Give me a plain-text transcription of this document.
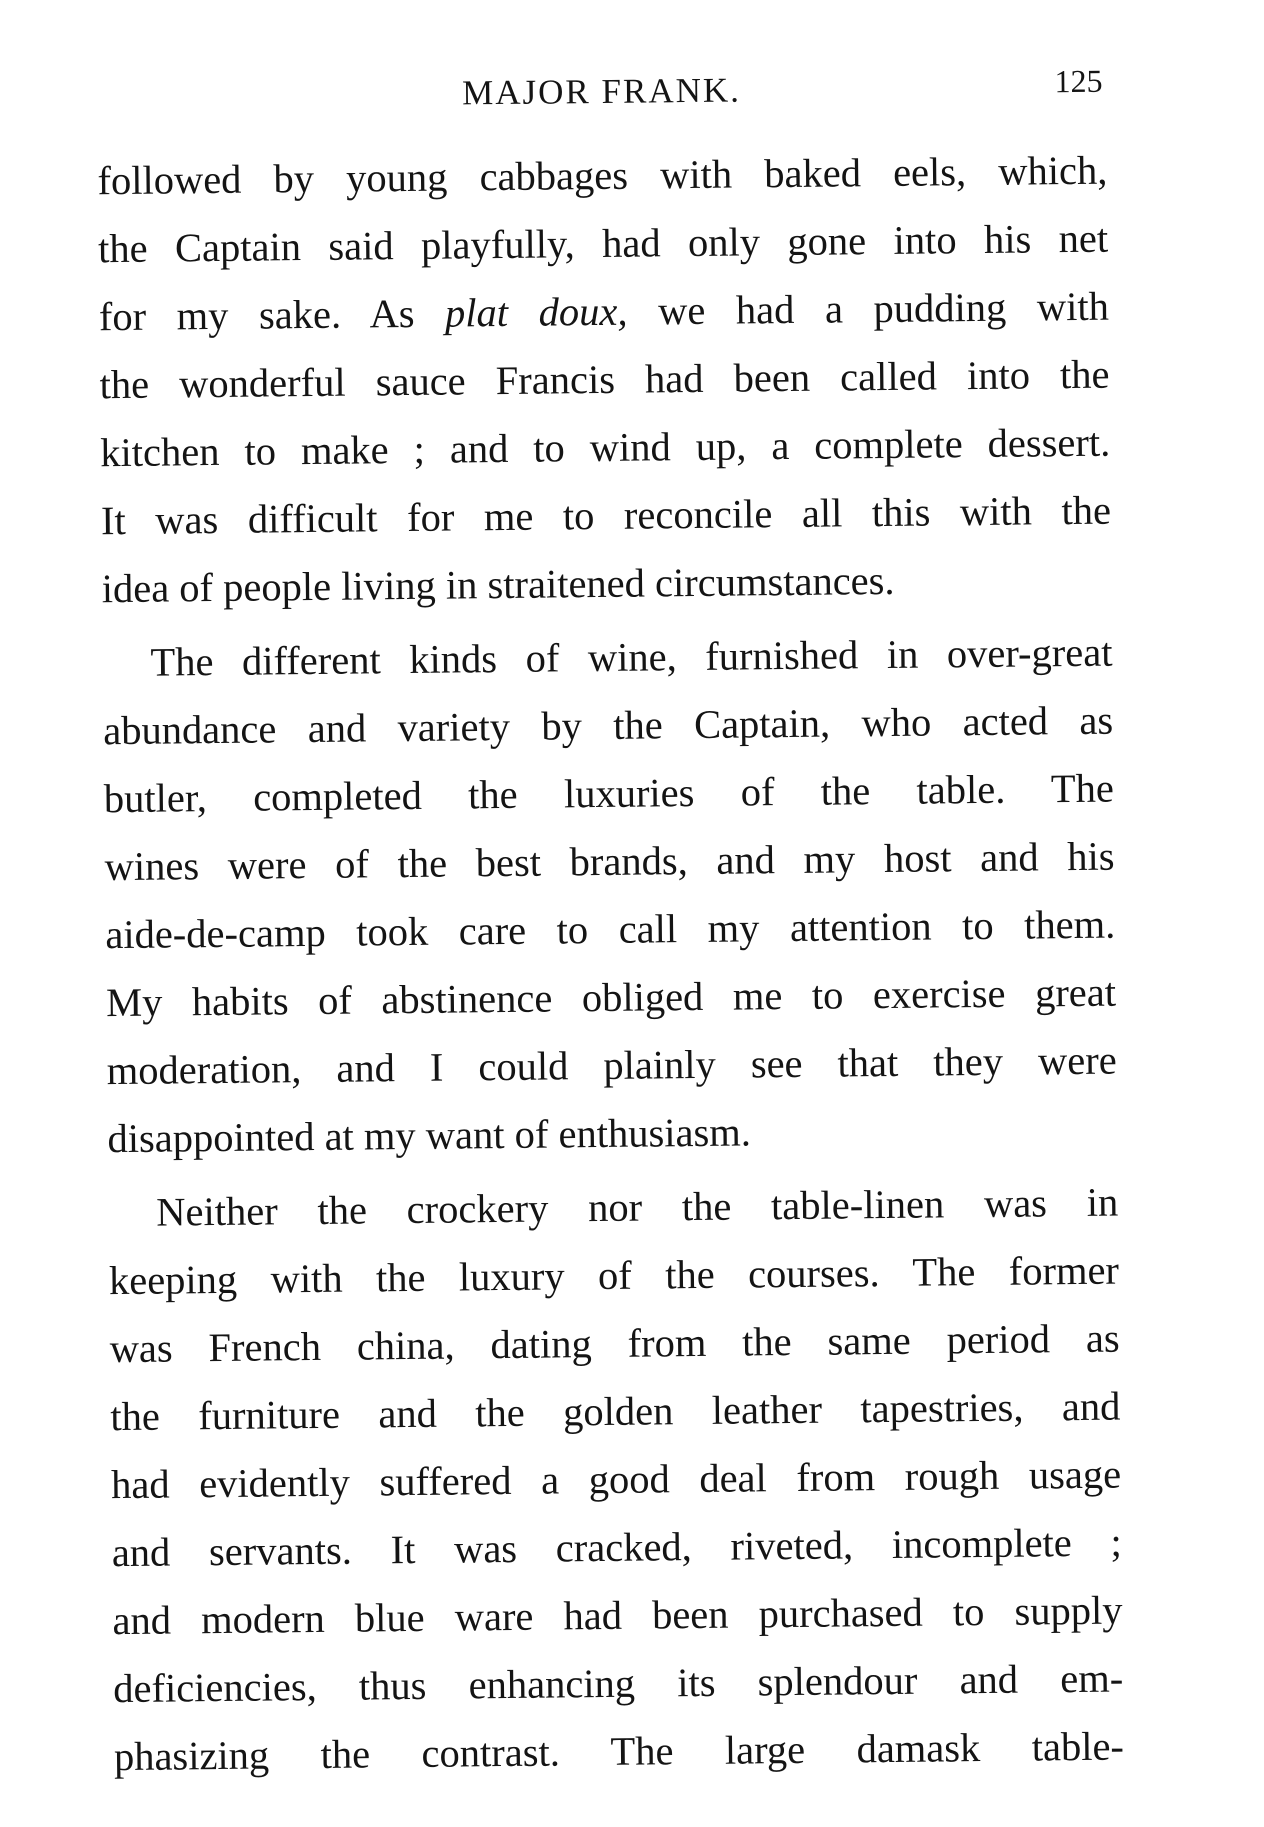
MAJOR FRANK.	125
followed by young cabbages with baked eels, which,
the Captain said playfully, had only gone into his net
for my sake. As plat doux, we had a pudding with
the wonderful sauce Francis had been called into the
kitchen to make ; and to wind up, a complete dessert.
It was difficult for me to reconcile all this with the
idea of people living in straitened circumstances.
The different kinds of wine, furnished in over-great
abundance and variety by the Captain, who acted as
butler, completed the luxuries of the table. The
wines were of the best brands, and my host and his
aide-de-camp took care to call my attention to them.
My habits of abstinence obliged me to exercise great
moderation, and I could plainly see that they were
disappointed at my want of enthusiasm.
Neither the crockery nor the table-linen was in
keeping with the luxury of the courses. The former
was French china, dating from the same period as
the furniture and the golden leather tapestries, and
had evidently suffered a good deal from rough usage
and servants. It was cracked, riveted, incomplete ;
and modern blue ware had been purchased to supply
deficiencies, thus enhancing its splendour and em-
phasizing the contrast. The large damask table-
